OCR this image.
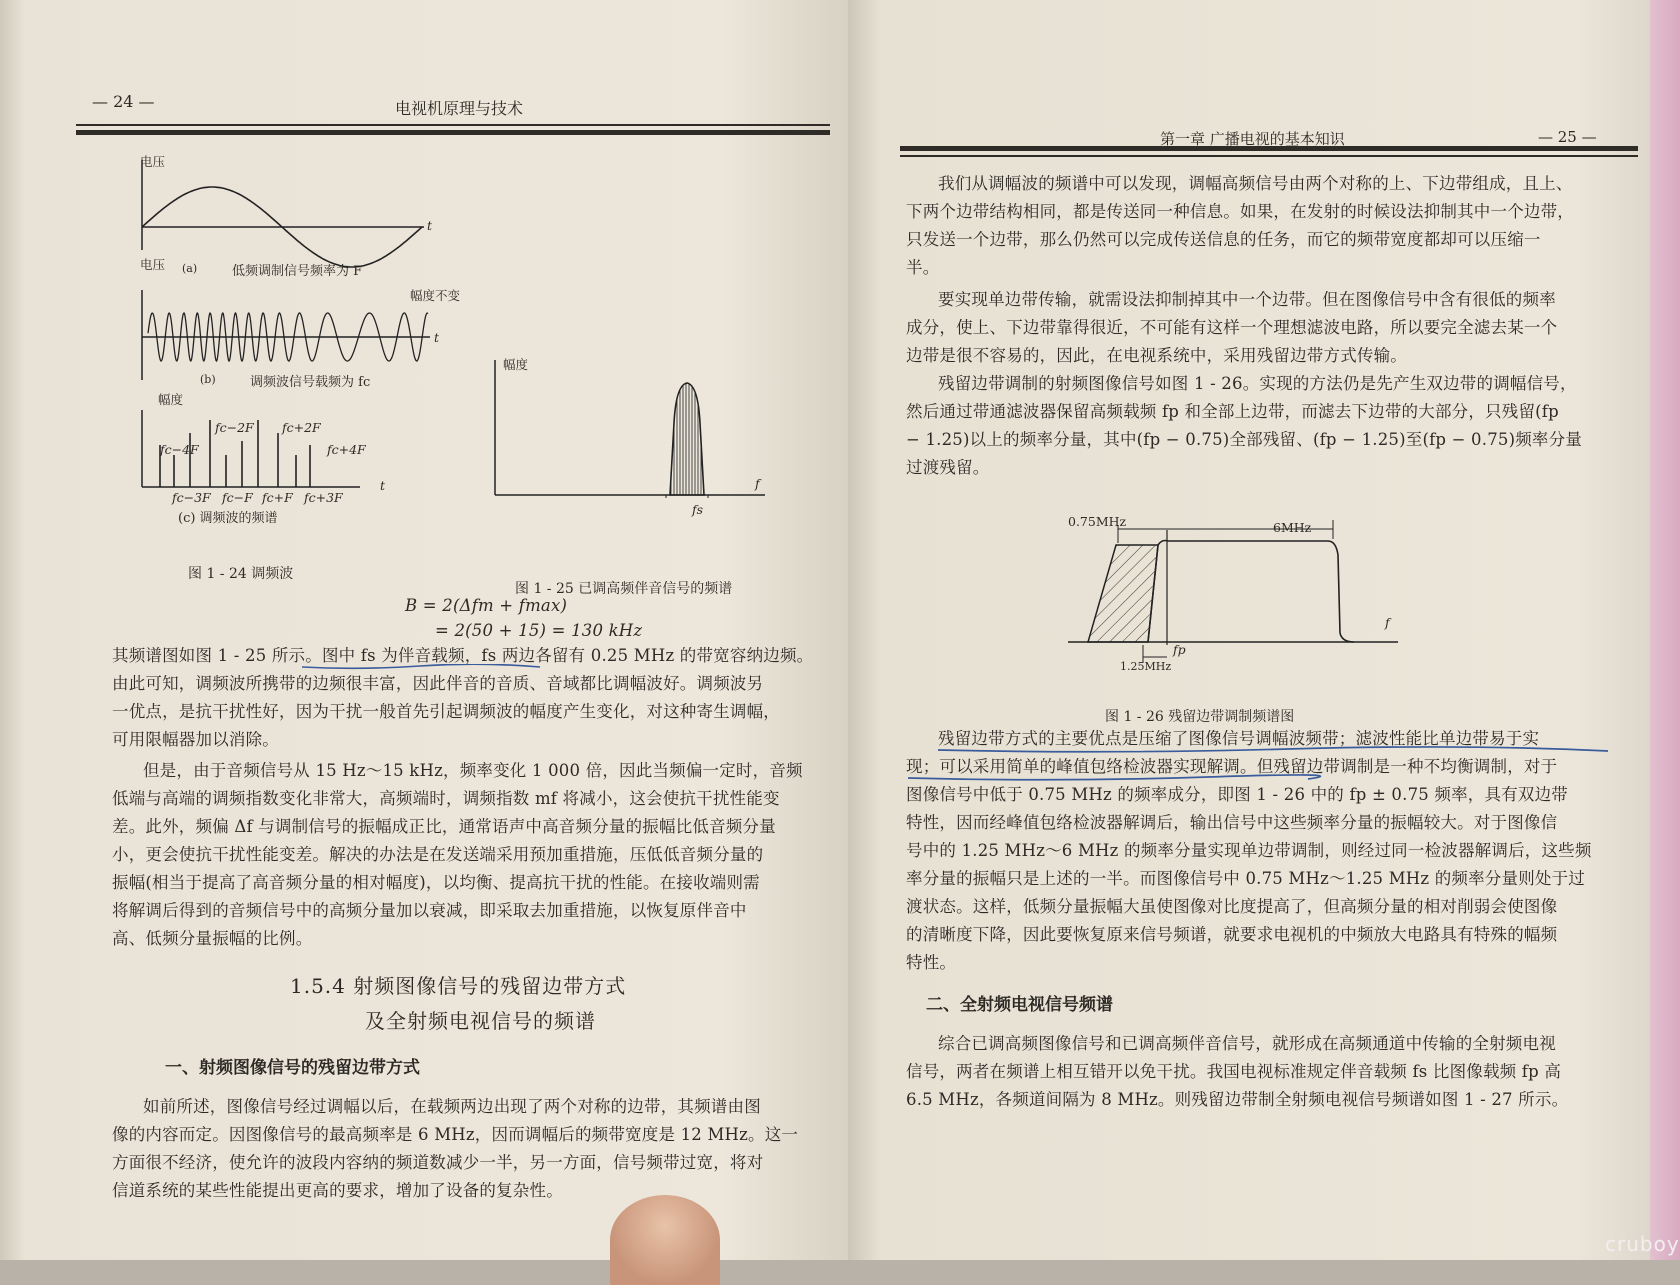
— 24 —	电视机原理与技术
电压
t
电压 (a)	低频调制信号频率为 F
幅度不变
t
(b)	调频波信号载频为 fc
幅度
fc−2F fc+2F
fc−4F	fc+4F
t
fc−3F fc−F fc+F fc+3F
(c) 调频波的频谱
图 1 - 24 调频波
幅度
f
fs
图 1 - 25 已调高频伴音信号的频谱
B = 2(Δfm + fmax)
= 2(50 + 15) = 130 kHz
其频谱图如图 1 - 25 所示。图中 fs 为伴音载频，fs 两边各留有 0.25 MHz 的带宽容纳边频。
由此可知，调频波所携带的边频很丰富，因此伴音的音质、音域都比调幅波好。调频波另
一优点，是抗干扰性好，因为干扰一般首先引起调频波的幅度产生变化，对这种寄生调幅，
可用限幅器加以消除。
但是，由于音频信号从 15 Hz～15 kHz，频率变化 1 000 倍，因此当频偏一定时，音频
低端与高端的调频指数变化非常大，高频端时，调频指数 mf 将减小，这会使抗干扰性能变
差。此外，频偏 Δf 与调制信号的振幅成正比，通常语声中高音频分量的振幅比低音频分量
小，更会使抗干扰性能变差。解决的办法是在发送端采用预加重措施，压低低音频分量的
振幅(相当于提高了高音频分量的相对幅度)，以均衡、提高抗干扰的性能。在接收端则需
将解调后得到的音频信号中的高频分量加以衰减，即采取去加重措施，以恢复原伴音中
高、低频分量振幅的比例。
1.5.4 射频图像信号的残留边带方式
及全射频电视信号的频谱
一、射频图像信号的残留边带方式
如前所述，图像信号经过调幅以后，在载频两边出现了两个对称的边带，其频谱由图
像的内容而定。因图像信号的最高频率是 6 MHz，因而调幅后的频带宽度是 12 MHz。这一
方面很不经济，使允许的波段内容纳的频道数减少一半，另一方面，信号频带过宽，将对
信道系统的某些性能提出更高的要求，增加了设备的复杂性。
第一章 广播电视的基本知识	— 25 —
我们从调幅波的频谱中可以发现，调幅高频信号由两个对称的上、下边带组成，且上、
下两个边带结构相同，都是传送同一种信息。如果，在发射的时候设法抑制其中一个边带，
只发送一个边带，那么仍然可以完成传送信息的任务，而它的频带宽度都却可以压缩一
半。
要实现单边带传输，就需设法抑制掉其中一个边带。但在图像信号中含有很低的频率
成分，使上、下边带靠得很近，不可能有这样一个理想滤波电路，所以要完全滤去某一个
边带是很不容易的，因此，在电视系统中，采用残留边带方式传输。
残留边带调制的射频图像信号如图 1 - 26。实现的方法仍是先产生双边带的调幅信号，
然后通过带通滤波器保留高频载频 fp 和全部上边带，而滤去下边带的大部分，只残留(fp
− 1.25)以上的频率分量，其中(fp − 0.75)全部残留、(fp − 1.25)至(fp − 0.75)频率分量
过渡残留。
0.75MHz	6MHz
1.25MHz
fp
f
图 1 - 26 残留边带调制频谱图
残留边带方式的主要优点是压缩了图像信号调幅波频带；滤波性能比单边带易于实
现；可以采用简单的峰值包络检波器实现解调。但残留边带调制是一种不均衡调制，对于
图像信号中低于 0.75 MHz 的频率成分，即图 1 - 26 中的 fp ± 0.75 频率，具有双边带
特性，因而经峰值包络检波器解调后，输出信号中这些频率分量的振幅较大。对于图像信
号中的 1.25 MHz～6 MHz 的频率分量实现单边带调制，则经过同一检波器解调后，这些频
率分量的振幅只是上述的一半。而图像信号中 0.75 MHz～1.25 MHz 的频率分量则处于过
渡状态。这样，低频分量振幅大虽使图像对比度提高了，但高频分量的相对削弱会使图像
的清晰度下降，因此要恢复原来信号频谱，就要求电视机的中频放大电路具有特殊的幅频
特性。
二、全射频电视信号频谱
综合已调高频图像信号和已调高频伴音信号，就形成在高频通道中传输的全射频电视
信号，两者在频谱上相互错开以免干扰。我国电视标准规定伴音载频 fs 比图像载频 fp 高
6.5 MHz，各频道间隔为 8 MHz。则残留边带制全射频电视信号频谱如图 1 - 27 所示。
cruboy
